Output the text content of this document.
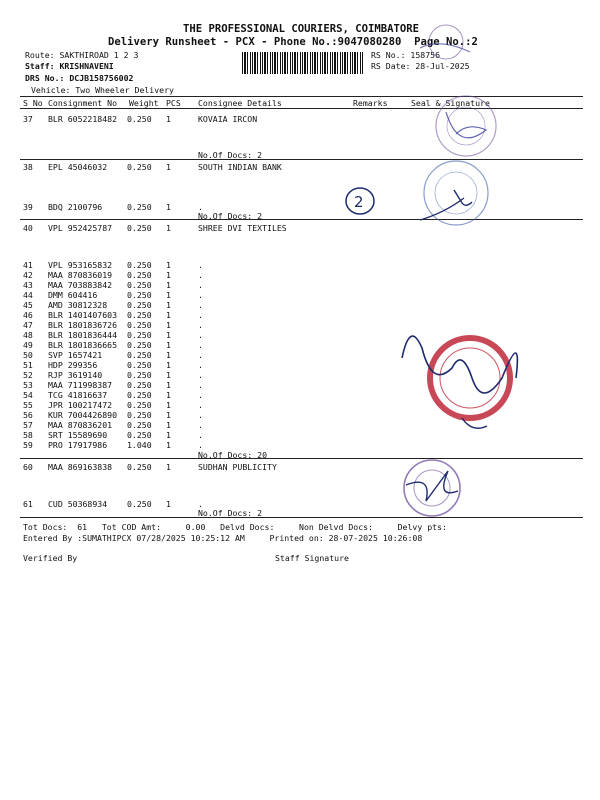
THE PROFESSIONAL COURIERS, COIMBATORE
Delivery Runsheet - PCX - Phone No.:9047080280  Page No.:2
Route: SAKTHIROAD 1 2 3
Staff: KRISHNAVENI
DRS No.: DCJB158756002
Vehicle: Two Wheeler Delivery
RS No.: 158756
RS Date: 28-Jul-2025
S No Consignment No Weight PCS Consignee Details	Remarks	Seal & Signature
37 BLR 6052218482 0.250 1	KOVAIA IRCON
No.Of Docs: 2
38 EPL 45046032 0.250 1	SOUTH INDIAN BANK
39 BDQ 2100796	0.250 1	.
No.Of Docs: 2
40 VPL 952425787 0.250 1	SHREE DVI TEXTILES
41 VPL 953165832 0.250 1	.
42 MAA 870836019 0.250 1	.
43 MAA 703883842 0.250 1	.
44 DMM 604416	0.250 1	.
45 AMD 30812328 0.250 1	.
46 BLR 1401407603 0.250 1	.
47 BLR 1801836726 0.250 1	.
48 BLR 1801836444 0.250 1	.
49 BLR 1801836665 0.250 1	.
50 SVP 1657421	0.250 1	.
51 HDP 299356	0.250 1	.
52 RJP 3619140	0.250 1	.
53 MAA 711998387 0.250 1	.
54 TCG 41816637 0.250 1	.
55 JPR 100217472 0.250 1	.
56 KUR 7004426890 0.250 1	.
57 MAA 870836201 0.250 1	.
58 SRT 15589690 0.250 1	.
59 PRO 17917986 1.040 1	.
No.Of Docs: 20
60 MAA 869163838 0.250 1	SUDHAN PUBLICITY
61 CUD 50368934 0.250 1	.
No.Of Docs: 2
Tot Docs:  61   Tot COD Amt:     0.00   Delvd Docs:     Non Delvd Docs:     Delvy pts:
Entered By :SUMATHIPCX 07/28/2025 10:25:12 AM     Printed on: 28-07-2025 10:26:08
Verified By	Staff Signature
2
